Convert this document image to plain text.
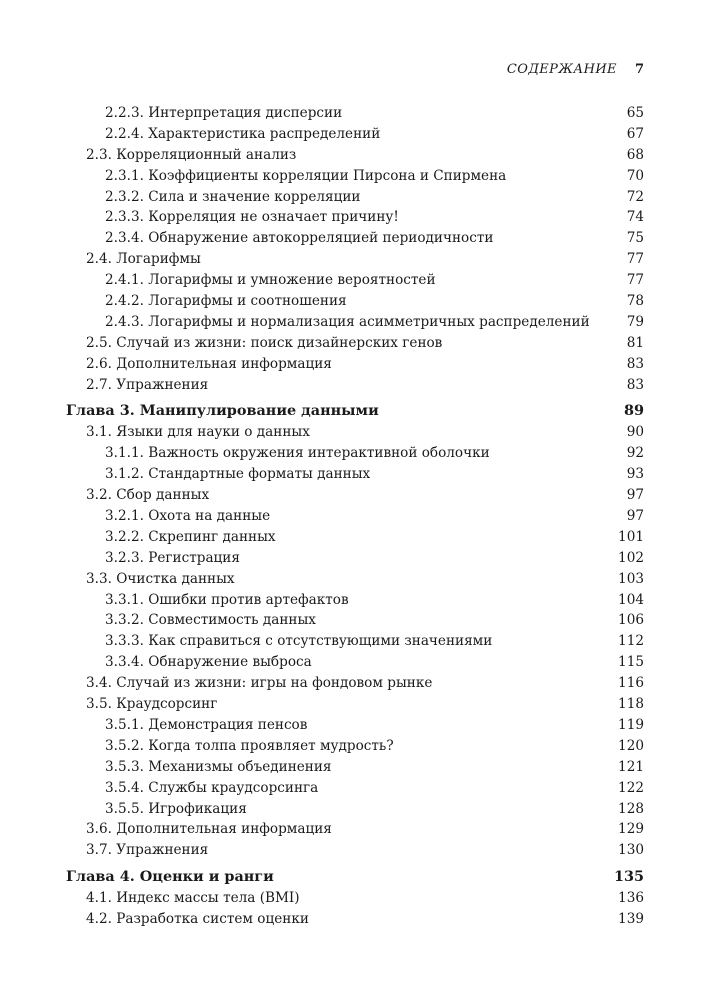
СОДЕРЖАНИЕ 7
2.2.3. Интерпретация дисперсии	65
2.2.4. Характеристика распределений	67
2.3. Корреляционный анализ	68
2.3.1. Коэффициенты корреляции Пирсона и Спирмена	70
2.3.2. Сила и значение корреляции	72
2.3.3. Корреляция не означает причину!	74
2.3.4. Обнаружение автокорреляцией периодичности	75
2.4. Логарифмы	77
2.4.1. Логарифмы и умножение вероятностей	77
2.4.2. Логарифмы и соотношения	78
2.4.3. Логарифмы и нормализация асимметричных распределений	79
2.5. Случай из жизни: поиск дизайнерских генов	81
2.6. Дополнительная информация	83
2.7. Упражнения	83
Глава 3. Манипулирование данными	89
3.1. Языки для науки о данных	90
3.1.1. Важность окружения интерактивной оболочки	92
3.1.2. Стандартные форматы данных	93
3.2. Сбор данных	97
3.2.1. Охота на данные	97
3.2.2. Скрепинг данных	101
3.2.3. Регистрация	102
3.3. Очистка данных	103
3.3.1. Ошибки против артефактов	104
3.3.2. Совместимость данных	106
3.3.3. Как справиться с отсутствующими значениями	112
3.3.4. Обнаружение выброса	115
3.4. Случай из жизни: игры на фондовом рынке	116
3.5. Краудсорсинг	118
3.5.1. Демонстрация пенсов	119
3.5.2. Когда толпа проявляет мудрость?	120
3.5.3. Механизмы объединения	121
3.5.4. Службы краудсорсинга	122
3.5.5. Игрофикация	128
3.6. Дополнительная информация	129
3.7. Упражнения	130
Глава 4. Оценки и ранги	135
4.1. Индекс массы тела (BMI)	136
4.2. Разработка систем оценки	139
